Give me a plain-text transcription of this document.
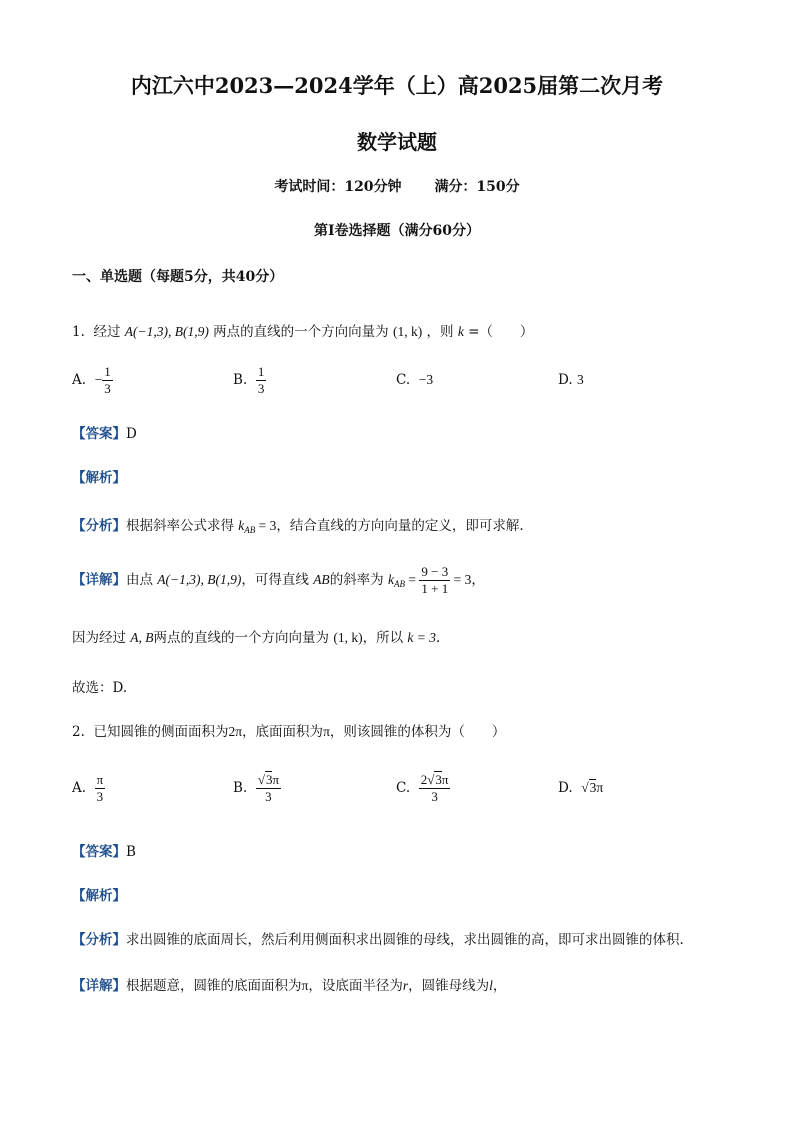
内江六中2023—2024学年（上）高2025届第二次月考
数学试题
考试时间：120分钟 满分：150分
第I卷选择题（满分60分）
一、单选题（每题5分，共40分）
1. 经过 A(−1,3), B(1,9) 两点的直线的一个方向向量为 (1, k) ，则 k =（　　）
A. − $\frac{1}{3}$	B. $\frac{1}{3}$	C. −3	D. 3
【答案】D
【解析】
【分析】根据斜率公式求得 $k_{AB} = 3$，结合直线的方向向量的定义，即可求解.
【详解】由点 A(−1,3), B(1,9)，可得直线 AB的斜率为 $k_{AB} = \frac{9 - 3}{1 + 1} = 3$，
因为经过 A, B两点的直线的一个方向向量为 (1, k)，所以 k = 3.
故选：D.
2. 已知圆锥的侧面面积为2π，底面面积为π，则该圆锥的体积为（　　）
A. $\frac{\pi}{3}$	B. $\frac{√3\pi}{3}$	C. $\frac{2√3\pi}{3}$	D. √3π
【答案】B
【解析】
【分析】求出圆锥的底面周长，然后利用侧面积求出圆锥的母线，求出圆锥的高，即可求出圆锥的体积.
【详解】根据题意，圆锥的底面面积为π，设底面半径为r，圆锥母线为l，
